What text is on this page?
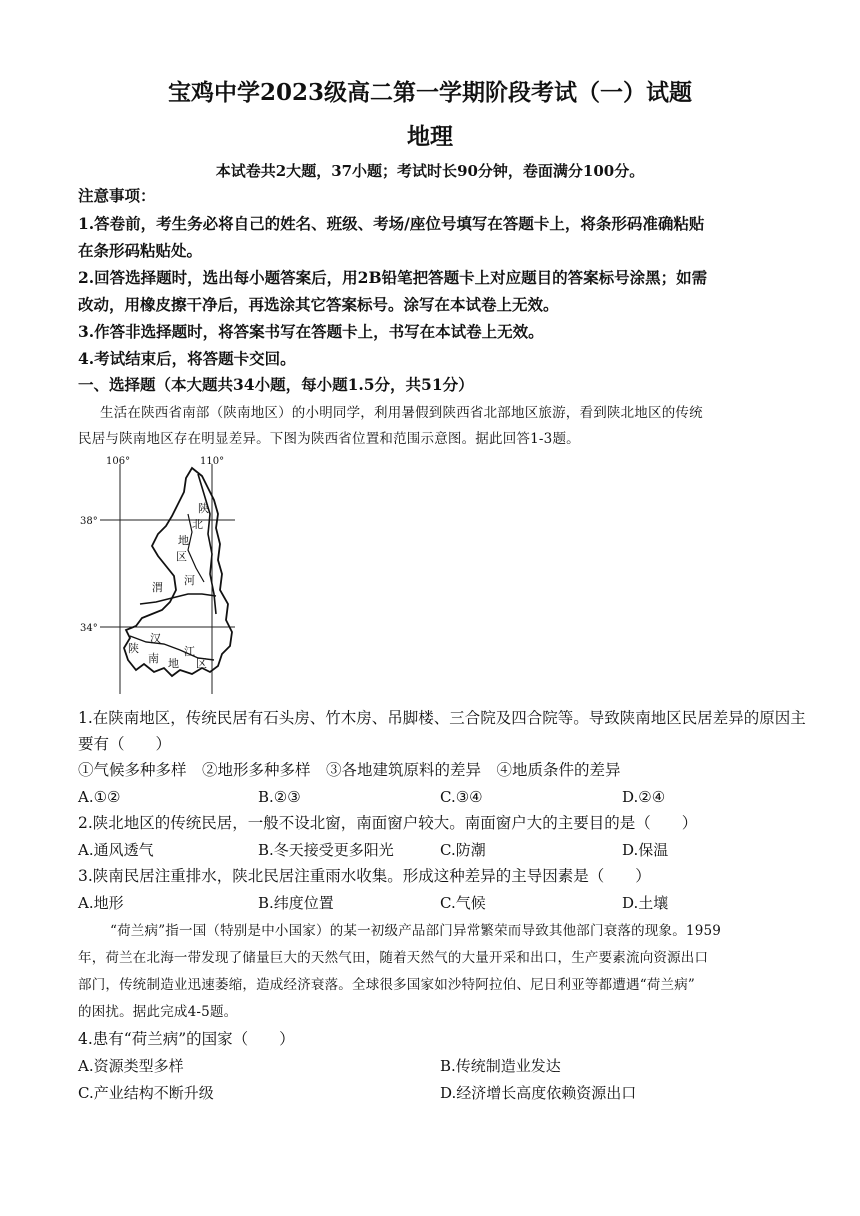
宝鸡中学2023级高二第一学期阶段考试（一）试题
地理
本试卷共2大题，37小题；考试时长90分钟，卷面满分100分。
注意事项：
1.答卷前，考生务必将自己的姓名、班级、考场/座位号填写在答题卡上，将条形码准确粘贴
在条形码粘贴处。
2.回答选择题时，选出每小题答案后，用2B铅笔把答题卡上对应题目的答案标号涂黑；如需
改动，用橡皮擦干净后，再选涂其它答案标号。涂写在本试卷上无效。
3.作答非选择题时，将答案书写在答题卡上，书写在本试卷上无效。
4.考试结束后，将答题卡交回。
一、选择题（本大题共34小题，每小题1.5分，共51分）
生活在陕西省南部（陕南地区）的小明同学，利用暑假到陕西省北部地区旅游，看到陕北地区的传统
民居与陕南地区存在明显差异。下图为陕西省位置和范围示意图。据此回答1-3题。
106°	110°
38°
34°
陕
北
地
区
渭
河
汉
陕
南 地
江
区
1.在陕南地区，传统民居有石头房、竹木房、吊脚楼、三合院及四合院等。导致陕南地区民居差异的原因主
要有（　　）
①气候多种多样　②地形多种多样　③各地建筑原料的差异　④地质条件的差异
A.①②	B.②③	C.③④	D.②④
2.陕北地区的传统民居，一般不设北窗，南面窗户较大。南面窗户大的主要目的是（　　）
A.通风透气	B.冬天接受更多阳光	C.防潮	D.保温
3.陕南民居注重排水，陕北民居注重雨水收集。形成这种差异的主导因素是（　　）
A.地形	B.纬度位置	C.气候	D.土壤
“荷兰病”指一国（特别是中小国家）的某一初级产品部门异常繁荣而导致其他部门衰落的现象。1959
年，荷兰在北海一带发现了储量巨大的天然气田，随着天然气的大量开采和出口，生产要素流向资源出口
部门，传统制造业迅速萎缩，造成经济衰落。全球很多国家如沙特阿拉伯、尼日利亚等都遭遇“荷兰病”
的困扰。据此完成4-5题。
4.患有“荷兰病”的国家（　　）
A.资源类型多样	B.传统制造业发达
C.产业结构不断升级	D.经济增长高度依赖资源出口
